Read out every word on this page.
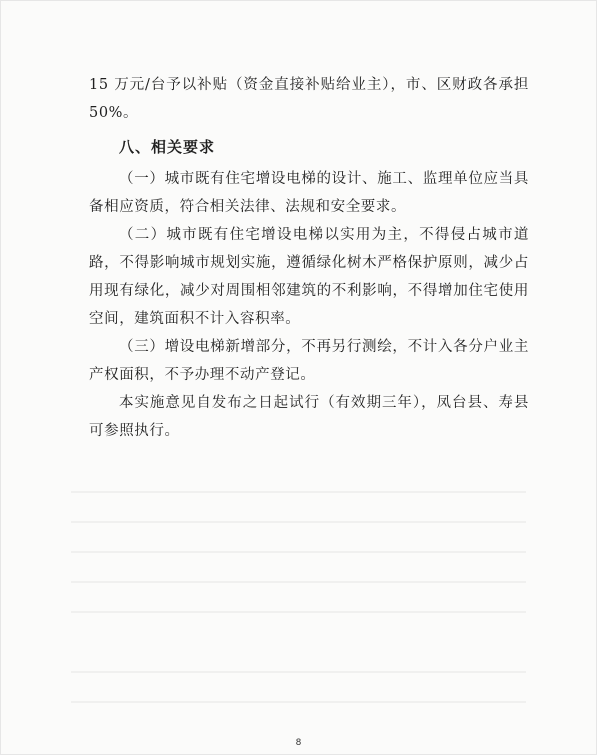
15 万元/台予以补贴（资金直接补贴给业主），市、区财政各承担 50%。

八、相关要求

（一）城市既有住宅增设电梯的设计、施工、监理单位应当具备相应资质，符合相关法律、法规和安全要求。

（二）城市既有住宅增设电梯以实用为主，不得侵占城市道路，不得影响城市规划实施，遵循绿化树木严格保护原则，减少占用现有绿化，减少对周围相邻建筑的不利影响，不得增加住宅使用空间，建筑面积不计入容积率。

（三）增设电梯新增部分，不再另行测绘，不计入各分户业主产权面积，不予办理不动产登记。

本实施意见自发布之日起试行（有效期三年），凤台县、寿县可参照执行。

8
